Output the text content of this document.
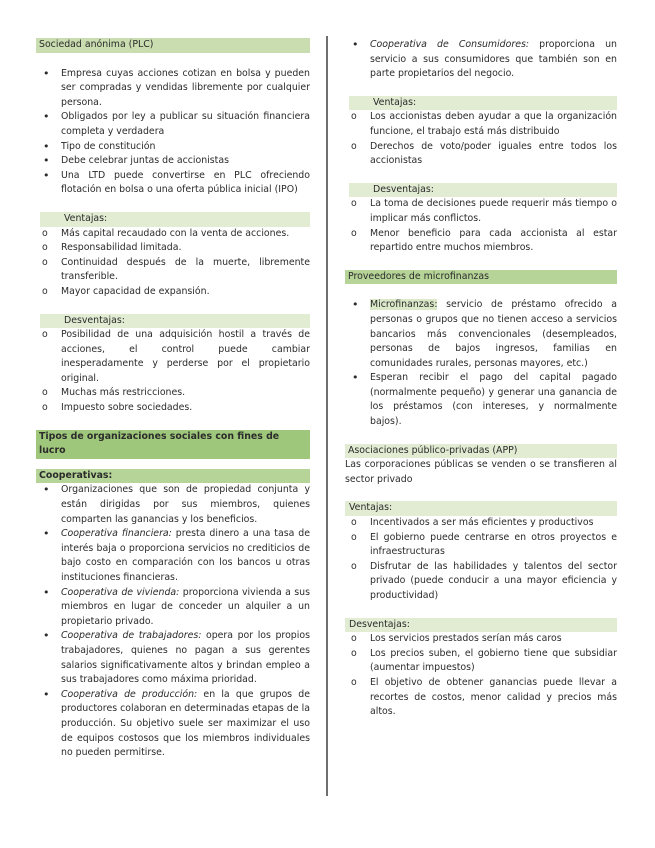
Sociedad anónima (PLC)
• Empresa cuyas acciones cotizan en bolsa y pueden ser compradas y vendidas libremente por cualquier persona.
• Obligados por ley a publicar su situación financiera completa y verdadera
• Tipo de constitución
• Debe celebrar juntas de accionistas
• Una LTD puede convertirse en PLC ofreciendo flotación en bolsa o una oferta pública inicial (IPO)
Ventajas:
o Más capital recaudado con la venta de acciones.
o Responsabilidad limitada.
o Continuidad después de la muerte, libremente transferible.
o Mayor capacidad de expansión.
Desventajas:
o Posibilidad de una adquisición hostil a través de acciones, el control puede cambiar inesperadamente y perderse por el propietario original.
o Muchas más restricciones.
o Impuesto sobre sociedades.
Tipos de organizaciones sociales con fines de lucro
Cooperativas:
• Organizaciones que son de propiedad conjunta y están dirigidas por sus miembros, quienes comparten las ganancias y los beneficios.
• Cooperativa financiera: presta dinero a una tasa de interés baja o proporciona servicios no crediticios de bajo costo en comparación con los bancos u otras instituciones financieras.
• Cooperativa de vivienda: proporciona vivienda a sus miembros en lugar de conceder un alquiler a un propietario privado.
• Cooperativa de trabajadores: opera por los propios trabajadores, quienes no pagan a sus gerentes salarios significativamente altos y brindan empleo a sus trabajadores como máxima prioridad.
• Cooperativa de producción: en la que grupos de productores colaboran en determinadas etapas de la producción. Su objetivo suele ser maximizar el uso de equipos costosos que los miembros individuales no pueden permitirse.
• Cooperativa de Consumidores: proporciona un servicio a sus consumidores que también son en parte propietarios del negocio.
Ventajas:
o Los accionistas deben ayudar a que la organización funcione, el trabajo está más distribuido
o Derechos de voto/poder iguales entre todos los accionistas
Desventajas:
o La toma de decisiones puede requerir más tiempo o implicar más conflictos.
o Menor beneficio para cada accionista al estar repartido entre muchos miembros.
Proveedores de microfinanzas
• Microfinanzas: servicio de préstamo ofrecido a personas o grupos que no tienen acceso a servicios bancarios más convencionales (desempleados, personas de bajos ingresos, familias en comunidades rurales, personas mayores, etc.)
• Esperan recibir el pago del capital pagado (normalmente pequeño) y generar una ganancia de los préstamos (con intereses, y normalmente bajos).
Asociaciones público-privadas (APP)
Las corporaciones públicas se venden o se transfieren al sector privado
Ventajas:
o Incentivados a ser más eficientes y productivos
o El gobierno puede centrarse en otros proyectos e infraestructuras
o Disfrutar de las habilidades y talentos del sector privado (puede conducir a una mayor eficiencia y productividad)
Desventajas:
o Los servicios prestados serían más caros
o Los precios suben, el gobierno tiene que subsidiar (aumentar impuestos)
o El objetivo de obtener ganancias puede llevar a recortes de costos, menor calidad y precios más altos.
